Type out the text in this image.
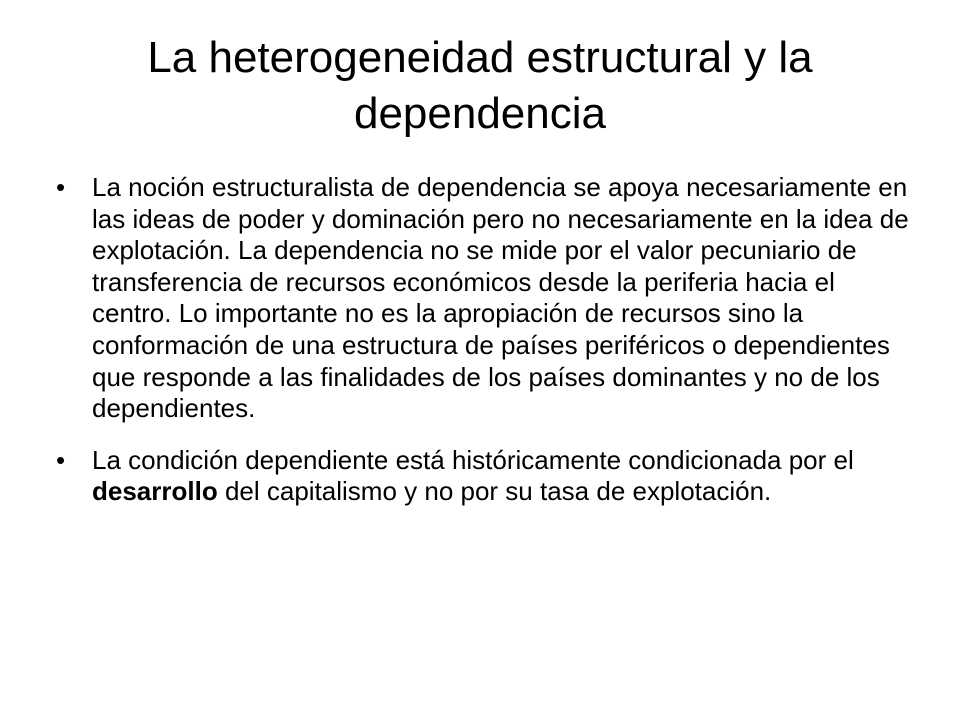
La heterogeneidad estructural y la
dependencia
•	La noción estructuralista de dependencia se apoya necesariamente en las ideas de poder y dominación pero no necesariamente en la idea de explotación. La dependencia no se mide por el valor pecuniario de transferencia de recursos económicos desde la periferia hacia el centro. Lo importante no es la apropiación de recursos sino la conformación de una estructura de países periféricos o dependientes que responde a las finalidades de los países dominantes y no de los dependientes.
•	La condición dependiente está históricamente condicionada por el desarrollo del capitalismo y no por su tasa de explotación.
